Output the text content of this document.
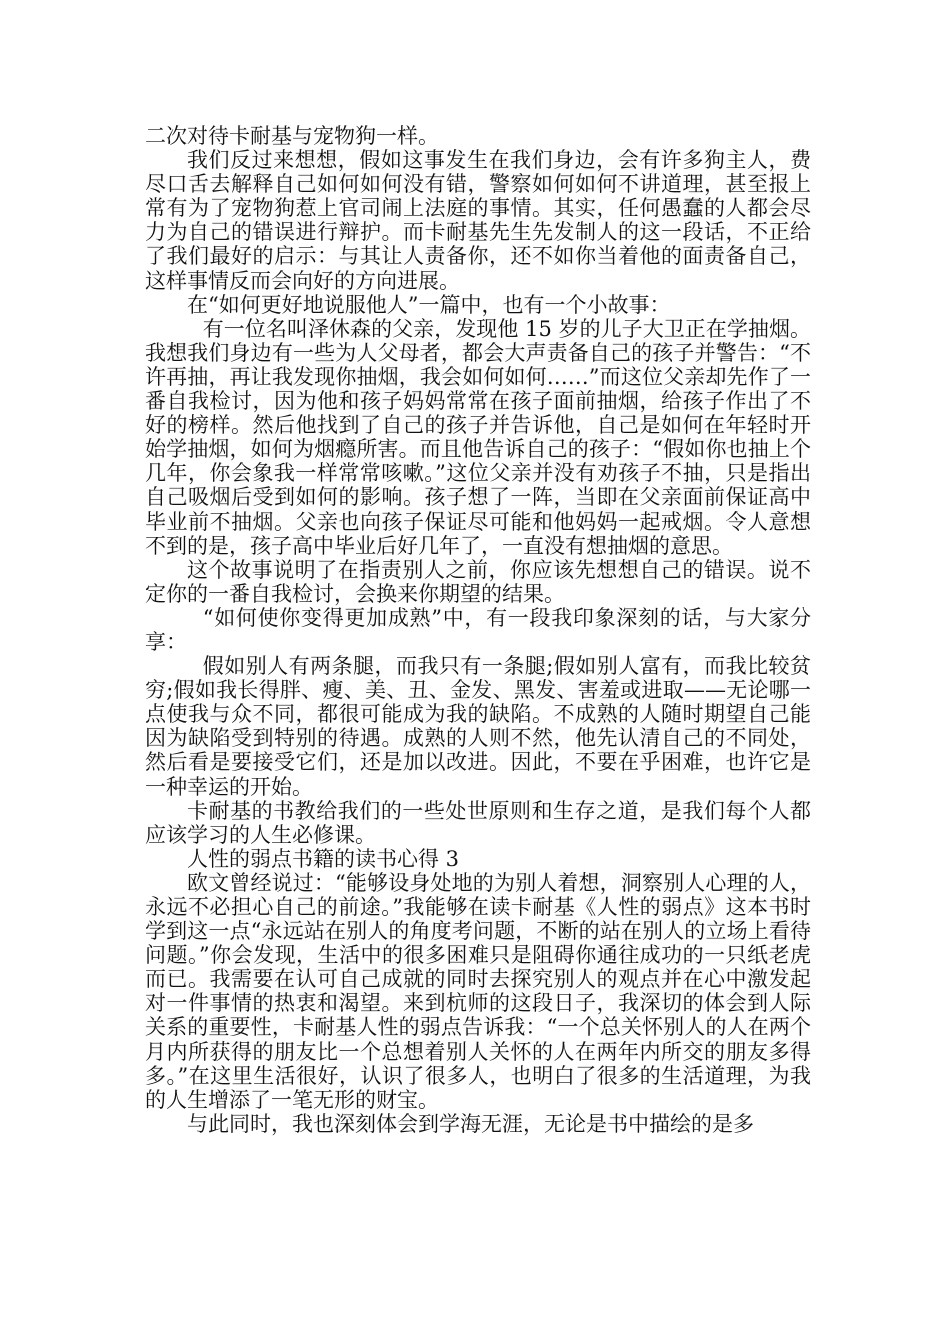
二次对待卡耐基与宠物狗一样。

我们反过来想想，假如这事发生在我们身边，会有许多狗主人，费尽口舌去解释自己如何如何没有错，警察如何如何不讲道理，甚至报上常有为了宠物狗惹上官司闹上法庭的事情。其实，任何愚蠢的人都会尽力为自己的错误进行辩护。而卡耐基先生先发制人的这一段话，不正给了我们最好的启示：与其让人责备你，还不如你当着他的面责备自己，这样事情反而会向好的方向进展。

在“如何更好地说服他人”一篇中，也有一个小故事：

有一位名叫泽休森的父亲，发现他 15 岁的儿子大卫正在学抽烟。我想我们身边有一些为人父母者，都会大声责备自己的孩子并警告：“不许再抽，再让我发现你抽烟，我会如何如何……”而这位父亲却先作了一番自我检讨，因为他和孩子妈妈常常在孩子面前抽烟，给孩子作出了不好的榜样。然后他找到了自己的孩子并告诉他，自己是如何在年轻时开始学抽烟，如何为烟瘾所害。而且他告诉自己的孩子：“假如你也抽上个几年，你会象我一样常常咳嗽。”这位父亲并没有劝孩子不抽，只是指出自己吸烟后受到如何的影响。孩子想了一阵，当即在父亲面前保证高中毕业前不抽烟。父亲也向孩子保证尽可能和他妈妈一起戒烟。令人意想不到的是，孩子高中毕业后好几年了，一直没有想抽烟的意思。

这个故事说明了在指责别人之前，你应该先想想自己的错误。说不定你的一番自我检讨，会换来你期望的结果。

“如何使你变得更加成熟”中，有一段我印象深刻的话，与大家分享：

假如别人有两条腿，而我只有一条腿;假如别人富有，而我比较贫穷;假如我长得胖、瘦、美、丑、金发、黑发、害羞或进取——无论哪一点使我与众不同，都很可能成为我的缺陷。不成熟的人随时期望自己能因为缺陷受到特别的待遇。成熟的人则不然，他先认清自己的不同处，然后看是要接受它们，还是加以改进。因此，不要在乎困难，也许它是一种幸运的开始。

卡耐基的书教给我们的一些处世原则和生存之道，是我们每个人都应该学习的人生必修课。

人性的弱点书籍的读书心得 3

欧文曾经说过：“能够设身处地的为别人着想，洞察别人心理的人，永远不必担心自己的前途。”我能够在读卡耐基《人性的弱点》这本书时学到这一点“永远站在别人的角度考问题，不断的站在别人的立场上看待问题。”你会发现，生活中的很多困难只是阻碍你通往成功的一只纸老虎而已。我需要在认可自己成就的同时去探究别人的观点并在心中激发起对一件事情的热衷和渴望。来到杭师的这段日子，我深切的体会到人际关系的重要性，卡耐基人性的弱点告诉我：“一个总关怀别人的人在两个月内所获得的朋友比一个总想着别人关怀的人在两年内所交的朋友多得多。”在这里生活很好，认识了很多人，也明白了很多的生活道理，为我的人生增添了一笔无形的财宝。

与此同时，我也深刻体会到学海无涯，无论是书中描绘的是多
